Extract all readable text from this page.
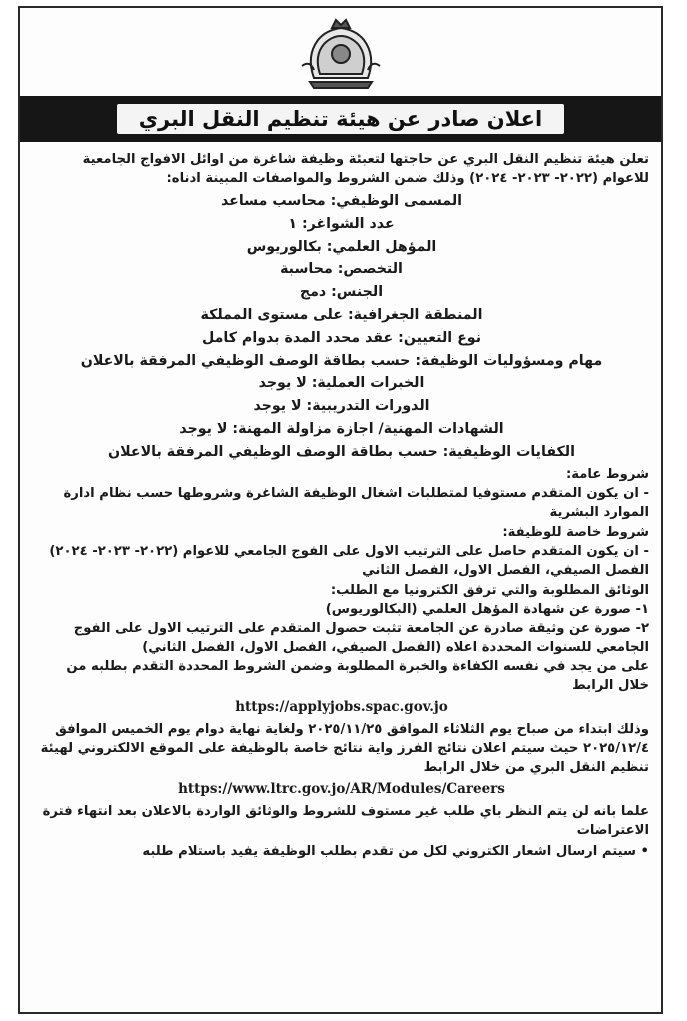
اعلان صادر عن هيئة تنظيم النقل البري

تعلن هيئة تنظيم النقل البري عن حاجتها لتعبئة وظيفة شاغرة من اوائل الافواج الجامعية للاعوام (٢٠٢٢- ٢٠٢٣- ٢٠٢٤) وذلك ضمن الشروط والمواصفات المبينة ادناه:

المسمى الوظيفي: محاسب مساعد

عدد الشواغر: ١

المؤهل العلمي: بكالوريوس

التخصص: محاسبة

الجنس: دمج

المنطقة الجغرافية: على مستوى المملكة

نوع التعيين: عقد محدد المدة بدوام كامل

مهام ومسؤوليات الوظيفة: حسب بطاقة الوصف الوظيفي المرفقة بالاعلان

الخبرات العملية: لا يوجد

الدورات التدريبية: لا يوجد

الشهادات المهنية/ اجازة مزاولة المهنة: لا يوجد

الكفايات الوظيفية: حسب بطاقة الوصف الوظيفي المرفقة بالاعلان

شروط عامة:

- ان يكون المتقدم مستوفيا لمتطلبات اشغال الوظيفة الشاغرة وشروطها حسب نظام ادارة الموارد البشرية

شروط خاصة للوظيفة:

- ان يكون المتقدم حاصل على الترتيب الاول على الفوج الجامعي للاعوام (٢٠٢٢- ٢٠٢٣- ٢٠٢٤) الفصل الصيفي، الفصل الاول، الفصل الثاني

الوثائق المطلوبة والتي ترفق الكترونيا مع الطلب:

١- صورة عن شهادة المؤهل العلمي (البكالوريوس)

٢- صورة عن وثيقة صادرة عن الجامعة تثبت حصول المتقدم على الترتيب الاول على الفوج الجامعي للسنوات المحددة اعلاه (الفصل الصيفي، الفصل الاول، الفصل الثاني)

على من يجد في نفسه الكفاءة والخبرة المطلوبة وضمن الشروط المحددة التقدم بطلبه من خلال الرابط

https://applyjobs.spac.gov.jo

وذلك ابتداء من صباح يوم الثلاثاء الموافق ٢٠٢٥/١١/٢٥ ولغاية نهاية دوام يوم الخميس الموافق ٢٠٢٥/١٢/٤ حيث سيتم اعلان نتائج الفرز واية نتائج خاصة بالوظيفة على الموقع الالكتروني لهيئة تنظيم النقل البري من خلال الرابط

https://www.ltrc.gov.jo/AR/Modules/Careers

علما بانه لن يتم النظر باي طلب غير مستوف للشروط والوثائق الواردة بالاعلان بعد انتهاء فترة الاعتراضات

• سيتم ارسال اشعار الكتروني لكل من تقدم بطلب الوظيفة يفيد باستلام طلبه
